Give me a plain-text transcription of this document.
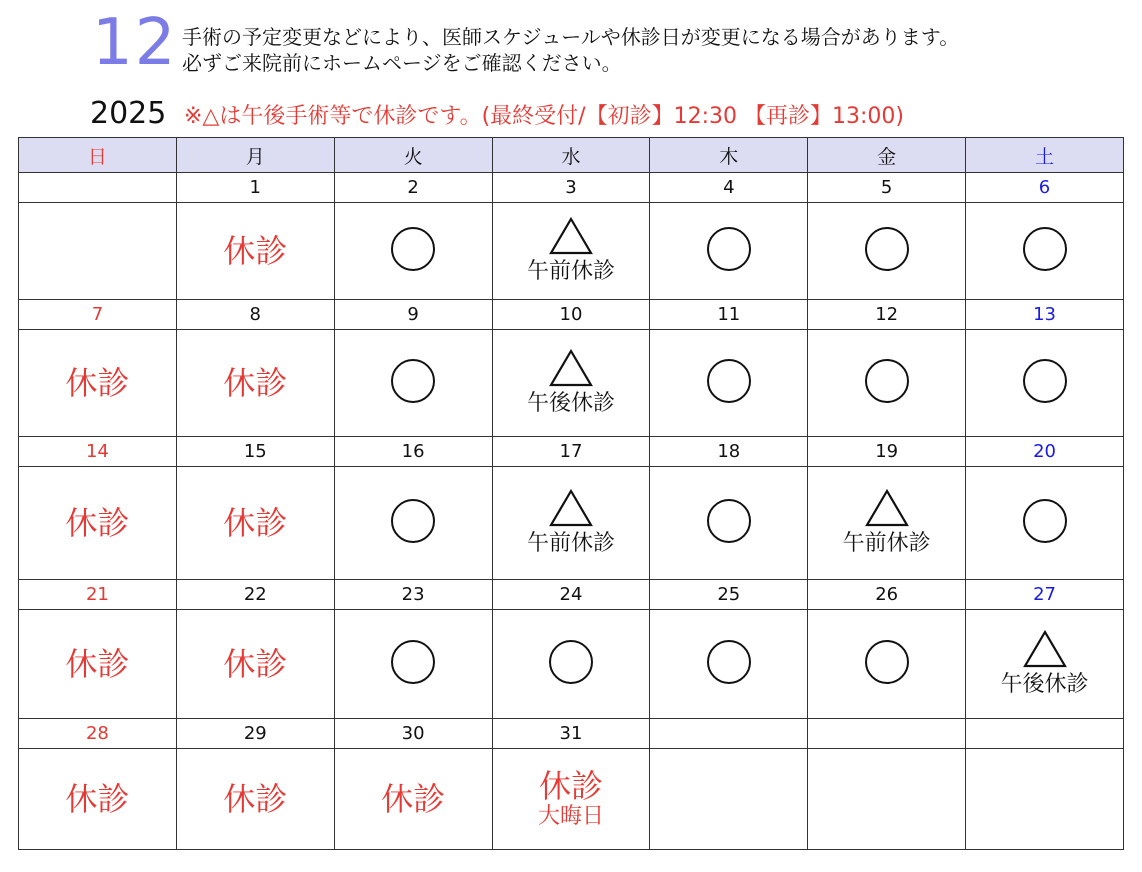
12 手術の予定変更などにより、医師スケジュールや休診日が変更になる場合があります。
必ずご来院前にホームページをご確認ください。
2025 ※△は午後手術等で休診です。(最終受付/【初診】12:30 【再診】13:00)
日	月	火	水	木	金	土
	1	2	3	4	5	6

	休診		午前休診			

7	8	9	10	11	12	13

休診	休診		午後休診			

14	15	16	17	18	19	20

休診	休診		午前休診		午前休診	

21	22	23	24	25	26	27

休診	休診					午後休診

28	29	30	31			

休診	休診	休診	休診
大晦日			
